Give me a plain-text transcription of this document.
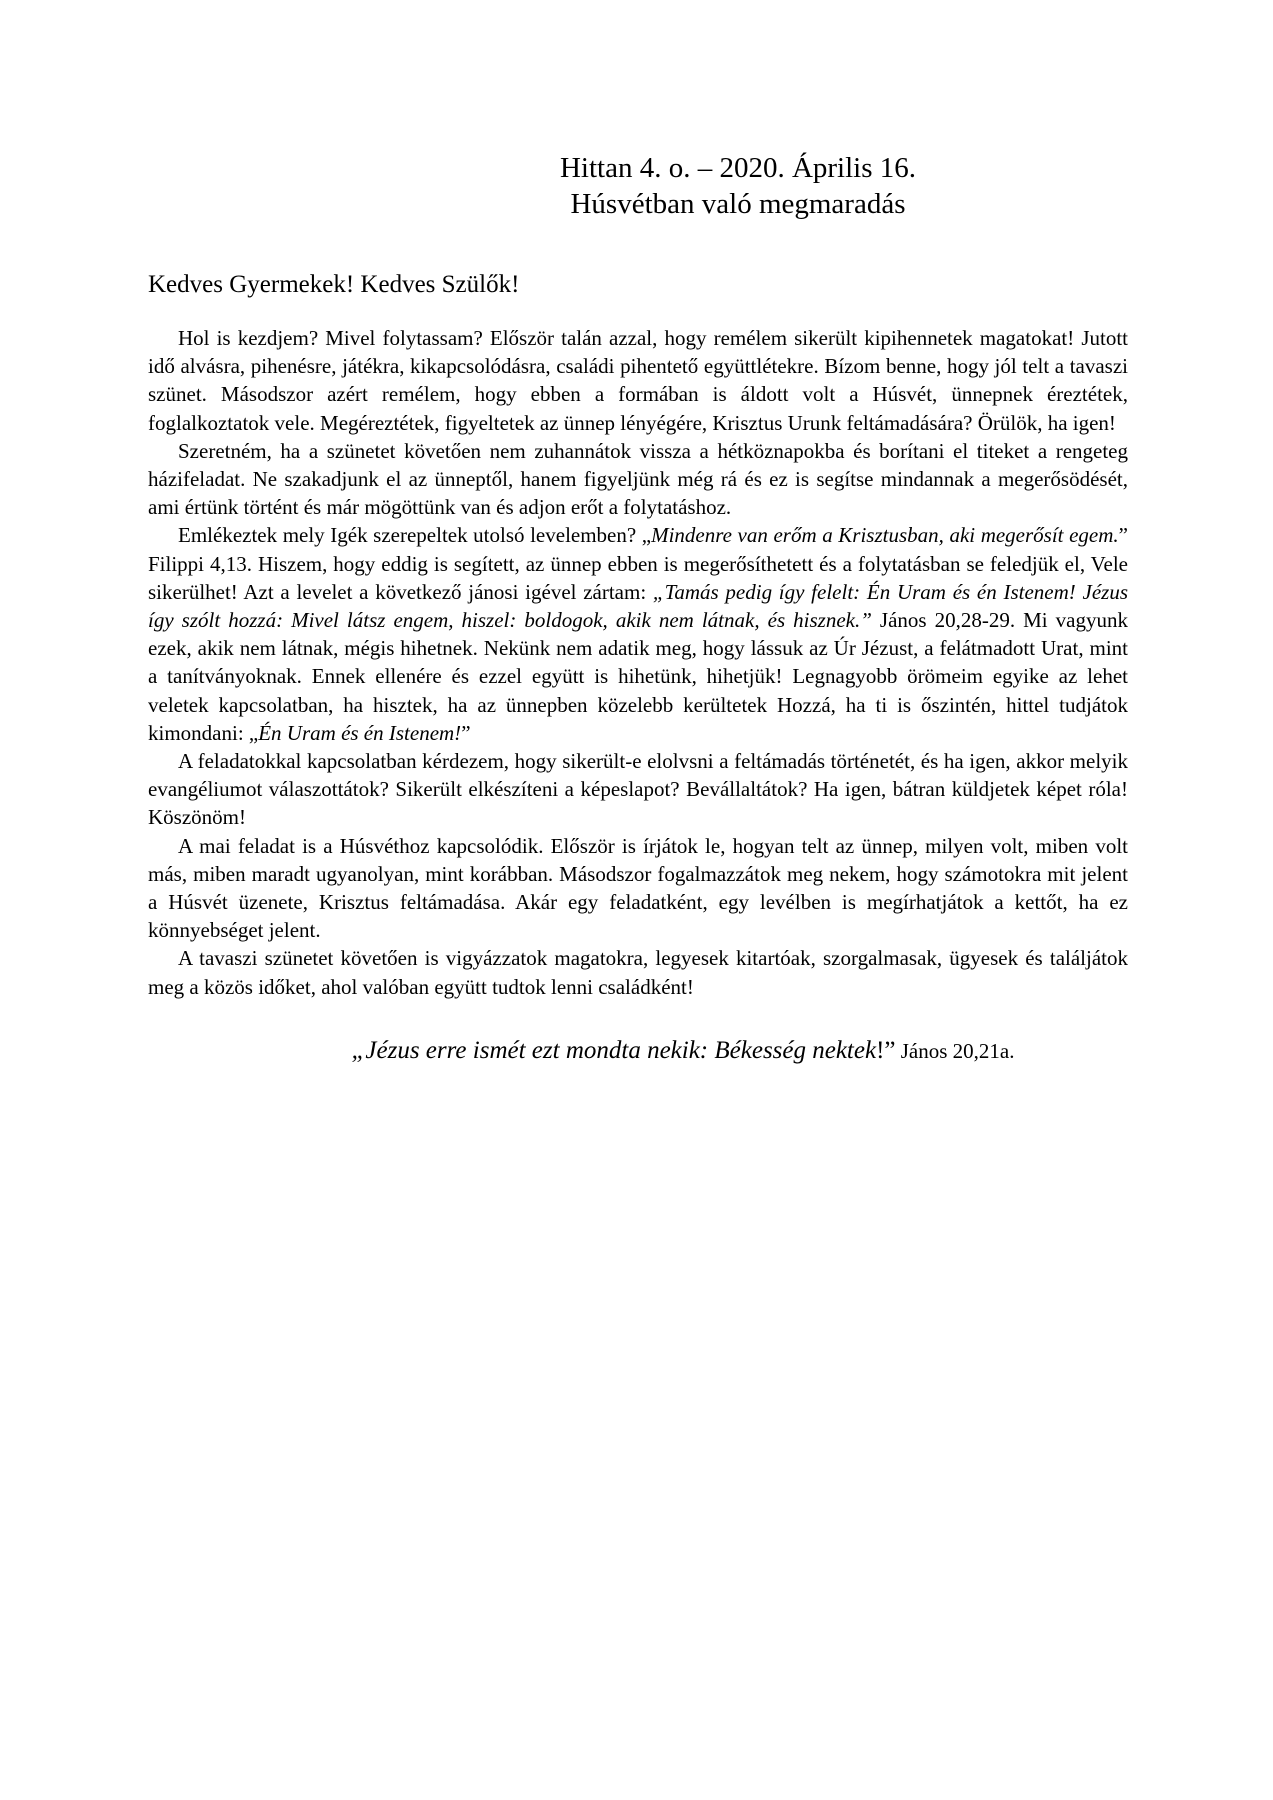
Hittan 4. o. – 2020. Április 16.
Húsvétban való megmaradás
Kedves Gyermekek! Kedves Szülők!

Hol is kezdjem? Mivel folytassam? Először talán azzal, hogy remélem sikerült kipihennetek magatokat! Jutott idő alvásra, pihenésre, játékra, kikapcsolódásra, családi pihentető együttlétekre. Bízom benne, hogy jól telt a tavaszi szünet. Másodszor azért remélem, hogy ebben a formában is áldott volt a Húsvét, ünnepnek éreztétek, foglalkoztatok vele. Megéreztétek, figyeltetek az ünnep lényégére, Krisztus Urunk feltámadására? Örülök, ha igen!

Szeretném, ha a szünetet követően nem zuhannátok vissza a hétköznapokba és borítani el titeket a rengeteg házifeladat. Ne szakadjunk el az ünneptől, hanem figyeljünk még rá és ez is segítse mindannak a megerősödését, ami értünk történt és már mögöttünk van és adjon erőt a folytatáshoz.

Emlékeztek mely Igék szerepeltek utolsó levelemben? „Mindenre van erőm a Krisztusban, aki megerősít egem.” Filippi 4,13. Hiszem, hogy eddig is segített, az ünnep ebben is megerősíthetett és a folytatásban se feledjük el, Vele sikerülhet! Azt a levelet a következő jánosi igével zártam: „Tamás pedig így felelt: Én Uram és én Istenem! Jézus így szólt hozzá: Mivel látsz engem, hiszel: boldogok, akik nem látnak, és hisznek.” János 20,28-29. Mi vagyunk ezek, akik nem látnak, mégis hihetnek. Nekünk nem adatik meg, hogy lássuk az Úr Jézust, a felátmadott Urat, mint a tanítványoknak. Ennek ellenére és ezzel együtt is hihetünk, hihetjük! Legnagyobb örömeim egyike az lehet veletek kapcsolatban, ha hisztek, ha az ünnepben közelebb kerültetek Hozzá, ha ti is őszintén, hittel tudjátok kimondani: „Én Uram és én Istenem!”

A feladatokkal kapcsolatban kérdezem, hogy sikerült-e elolvsni a feltámadás történetét, és ha igen, akkor melyik evangéliumot válaszottátok? Sikerült elkészíteni a képeslapot? Bevállaltátok? Ha igen, bátran küldjetek képet róla! Köszönöm!

A mai feladat is a Húsvéthoz kapcsolódik. Először is írjátok le, hogyan telt az ünnep, milyen volt, miben volt más, miben maradt ugyanolyan, mint korábban. Másodszor fogalmazzátok meg nekem, hogy számotokra mit jelent a Húsvét üzenete, Krisztus feltámadása. Akár egy feladatként, egy levélben is megírhatjátok a kettőt, ha ez könnyebséget jelent.

A tavaszi szünetet követően is vigyázzatok magatokra, legyesek kitartóak, szorgalmasak, ügyesek és találjátok meg a közös időket, ahol valóban együtt tudtok lenni családként!

„Jézus erre ismét ezt mondta nekik: Békesség nektek!” János 20,21a.
